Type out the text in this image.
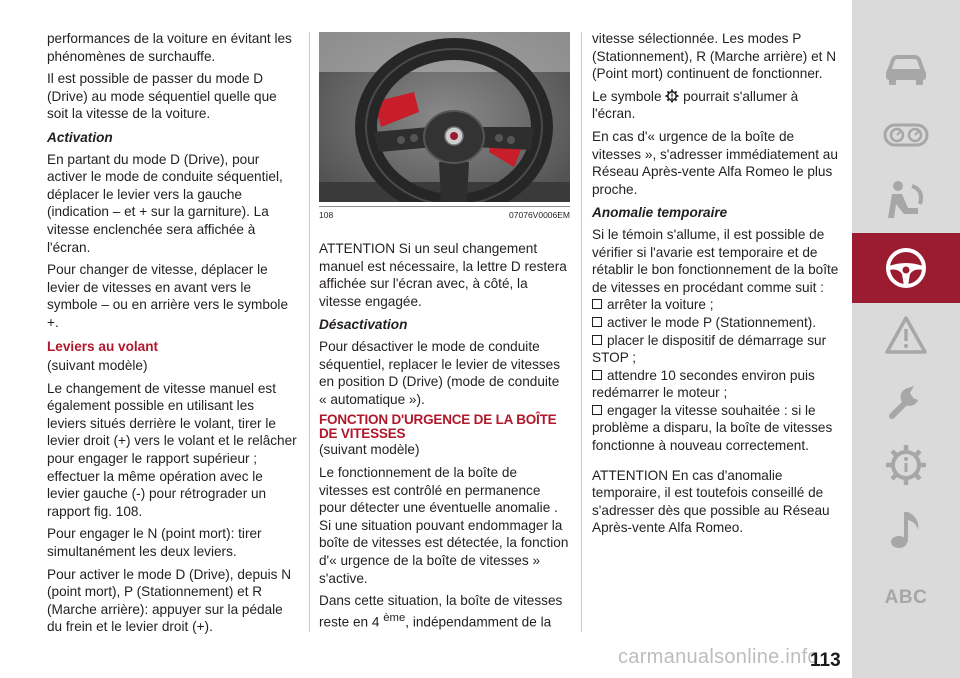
performances de la voiture en évitant les phénomènes de surchauffe.

Il est possible de passer du mode D (Drive) au mode séquentiel quelle que soit la vitesse de la voiture.

Activation

En partant du mode D (Drive), pour activer le mode de conduite séquentiel, déplacer le levier vers la gauche (indication – et + sur la garniture). La vitesse enclenchée sera affichée à l'écran.

Pour changer de vitesse, déplacer le levier de vitesses en avant vers le symbole – ou en arrière vers le symbole +.

Leviers au volant

(suivant modèle)

Le changement de vitesse manuel est également possible en utilisant les leviers situés derrière le volant, tirer le levier droit (+) vers le volant et le relâcher pour engager le rapport supérieur ; effectuer la même opération avec le levier gauche (-) pour rétrograder un rapport fig. 108.

Pour engager le N (point mort): tirer simultanément les deux leviers.

Pour activer le mode D (Drive), depuis N (point mort), P (Stationnement) et R (Marche arrière): appuyer sur la pédale du frein et le levier droit (+).

108	07076V0006EM

ATTENTION Si un seul changement manuel est nécessaire, la lettre D restera affichée sur l'écran avec, à côté, la vitesse engagée.

Désactivation

Pour désactiver le mode de conduite séquentiel, replacer le levier de vitesses en position D (Drive) (mode de conduite « automatique »).

FONCTION D'URGENCE DE LA BOÎTE DE VITESSES

(suivant modèle)

Le fonctionnement de la boîte de vitesses est contrôlé en permanence pour détecter une éventuelle anomalie . Si une situation pouvant endommager la boîte de vitesses est détectée, la fonction d'« urgence de la boîte de vitesses » s'active.

Dans cette situation, la boîte de vitesses reste en 4 $^{ème}$, indépendamment de la

vitesse sélectionnée. Les modes P (Stationnement), R (Marche arrière) et N (Point mort) continuent de fonctionner.

Le symbole pourrait s'allumer à l'écran.

En cas d'« urgence de la boîte de vitesses », s'adresser immédiatement au Réseau Après-vente Alfa Romeo le plus proche.

Anomalie temporaire

Si le témoin s'allume, il est possible de vérifier si l'avarie est temporaire et de rétablir le bon fonctionnement de la boîte de vitesses en procédant comme suit :

arrêter la voiture ;
activer le mode P (Stationnement).
placer le dispositif de démarrage sur STOP ;
attendre 10 secondes environ puis redémarrer le moteur ;
engager la vitesse souhaitée : si le problème a disparu, la boîte de vitesses fonctionne à nouveau correctement.

ATTENTION En cas d'anomalie temporaire, il est toutefois conseillé de s'adresser dès que possible au Réseau Après-vente Alfa Romeo.

carmanualsonline.info
113
ABC
